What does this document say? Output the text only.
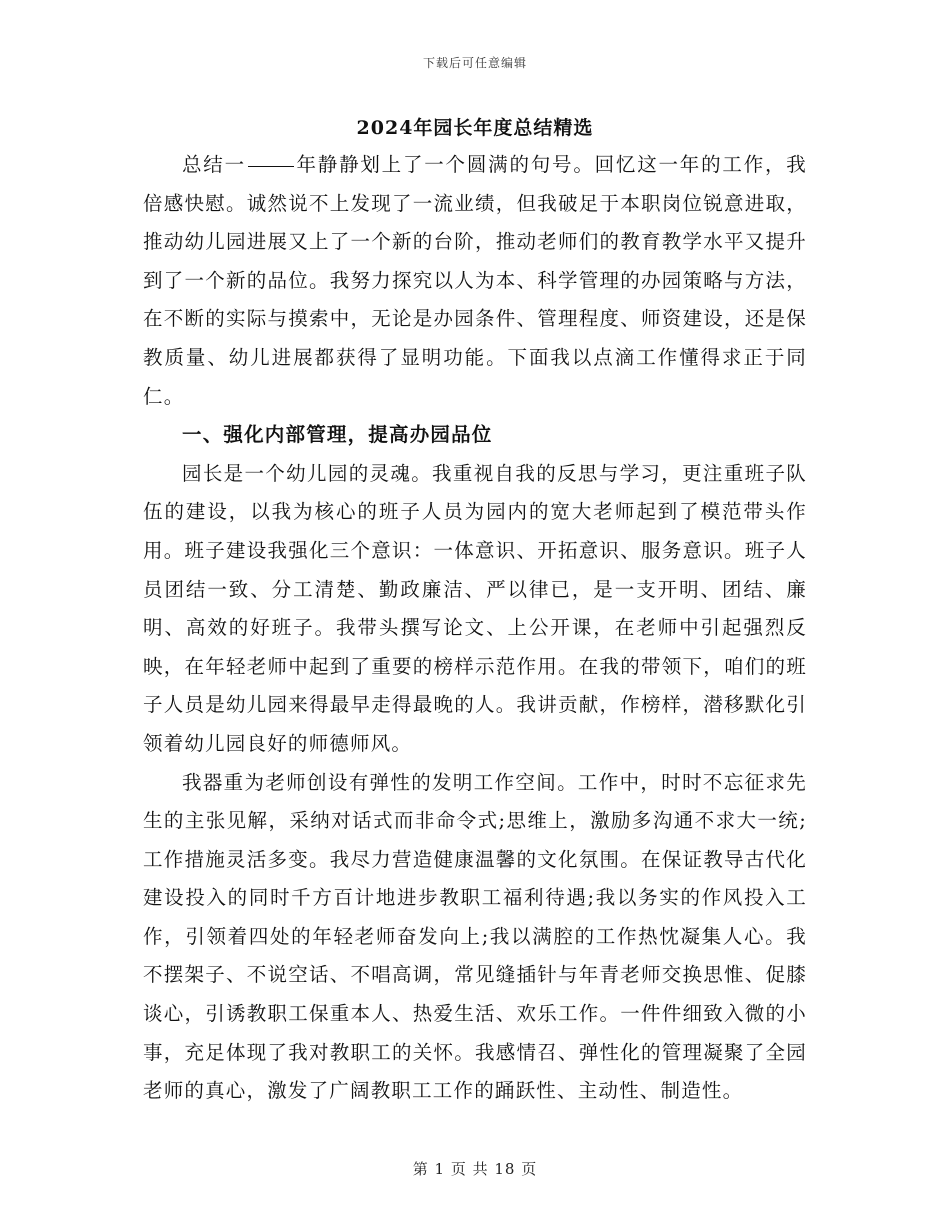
下载后可任意编辑
2024年园长年度总结精选

总结一	年静静划上了一个圆满的句号。回忆这一年的工作，我倍感快慰。诚然说不上发现了一流业绩，但我破足于本职岗位锐意进取，推动幼儿园进展又上了一个新的台阶，推动老师们的教育教学水平又提升到了一个新的品位。我努力探究以人为本、科学管理的办园策略与方法，在不断的实际与摸索中，无论是办园条件、管理程度、师资建设，还是保教质量、幼儿进展都获得了显明功能。下面我以点滴工作懂得求正于同仁。

一、强化内部管理，提高办园品位

园长是一个幼儿园的灵魂。我重视自我的反思与学习，更注重班子队伍的建设，以我为核心的班子人员为园内的宽大老师起到了模范带头作用。班子建设我强化三个意识：一体意识、开拓意识、服务意识。班子人员团结一致、分工清楚、勤政廉洁、严以律已，是一支开明、团结、廉明、高效的好班子。我带头撰写论文、上公开课，在老师中引起强烈反映，在年轻老师中起到了重要的榜样示范作用。在我的带领下，咱们的班子人员是幼儿园来得最早走得最晚的人。我讲贡献，作榜样，潜移默化引领着幼儿园良好的师德师风。

我器重为老师创设有弹性的发明工作空间。工作中，时时不忘征求先生的主张见解，采纳对话式而非命令式;思维上，激励多沟通不求大一统;工作措施灵活多变。我尽力营造健康温馨的文化氛围。在保证教导古代化建设投入的同时千方百计地进步教职工福利待遇;我以务实的作风投入工作，引领着四处的年轻老师奋发向上;我以满腔的工作热忱凝集人心。我不摆架子、不说空话、不唱高调，常见缝插针与年青老师交换思惟、促膝谈心，引诱教职工保重本人、热爱生活、欢乐工作。一件件细致入微的小事，充足体现了我对教职工的关怀。我感情召、弹性化的管理凝聚了全园老师的真心，激发了广阔教职工工作的踊跃性、主动性、制造性。

第 1 页 共 18 页
